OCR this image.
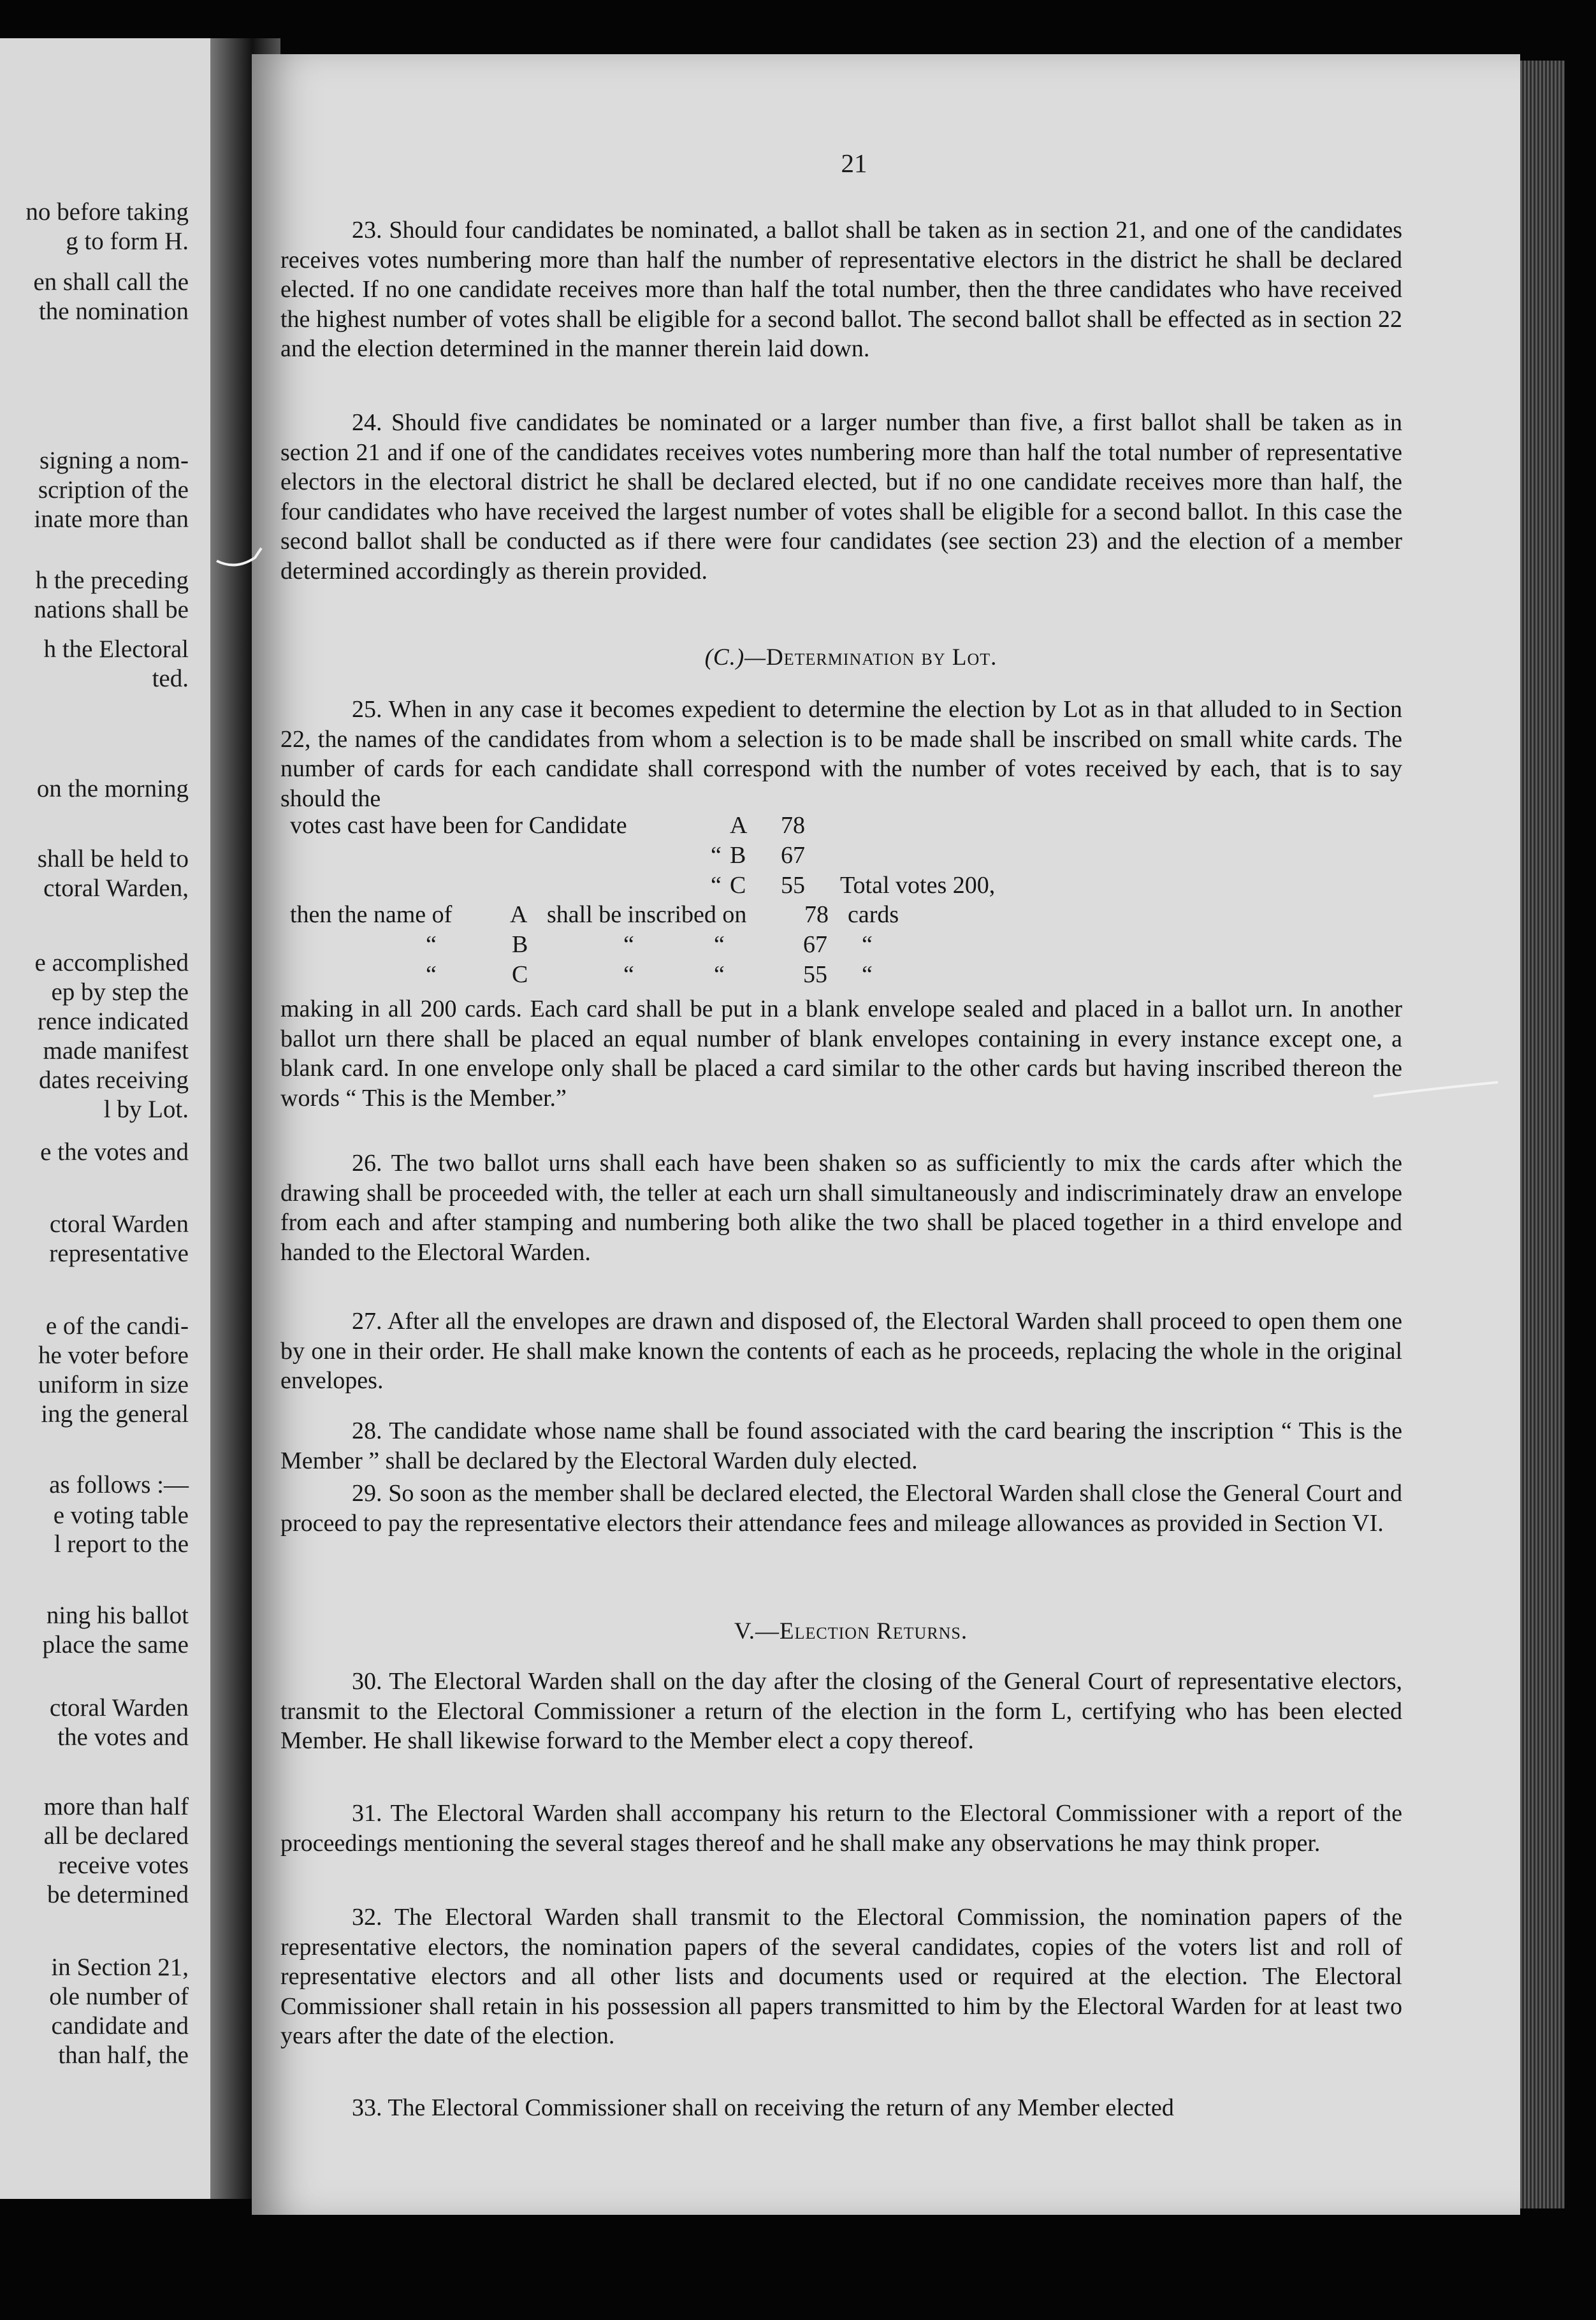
no before taking
g to form H.
en shall call the
the nomination
signing a nom-
scription of the
inate more than
h the preceding
nations shall be
h the Electoral
ted.
on the morning
shall be held to
ctoral Warden,
e accomplished
ep by step the
rence indicated
made manifest
dates receiving
l by Lot.
e the votes and
ctoral Warden
representative
e of the candi-
he voter before
uniform in size
ing the general
as follows :—
e voting table
l report to the
ning his ballot
place the same
ctoral Warden
the votes and
more than half
all be declared
receive votes
be determined
in Section 21,
ole number of
candidate and
than half, the
21

23. Should four candidates be nominated, a ballot shall be taken as in section 21, and one of the candidates receives votes numbering more than half the number of representative electors in the district he shall be declared elected. If no one candidate receives more than half the total number, then the three candidates who have received the highest number of votes shall be eligible for a second ballot. The second ballot shall be effected as in section 22 and the election determined in the manner therein laid down.

24. Should five candidates be nominated or a larger number than five, a first ballot shall be taken as in section 21 and if one of the candidates receives votes numbering more than half the total number of representative electors in the electoral district he shall be declared elected, but if no one candidate receives more than half, the four candidates who have received the largest number of votes shall be eligible for a second ballot. In this case the second ballot shall be conducted as if there were four candidates (see section 23) and the election of a member determined accordingly as therein provided.

(C.)—Determination by Lot.

25. When in any case it becomes expedient to determine the election by Lot as in that alluded to in Section 22, the names of the candidates from whom a selection is to be made shall be inscribed on small white cards. The number of cards for each candidate shall correspond with the number of votes received by each, that is to say should the

votes cast have been for Candidate	A 78
“ B 67
“ C 55 Total votes 200,
then the name of A shall be inscribed on 78 cards
“	B	“	“	67 “
“	C	“	“	55 “

making in all 200 cards. Each card shall be put in a blank envelope sealed and placed in a ballot urn. In another ballot urn there shall be placed an equal number of blank envelopes containing in every instance except one, a blank card. In one envelope only shall be placed a card similar to the other cards but having inscribed thereon the words “ This is the Member.”

26. The two ballot urns shall each have been shaken so as sufficiently to mix the cards after which the drawing shall be proceeded with, the teller at each urn shall simultaneously and indiscriminately draw an envelope from each and after stamping and numbering both alike the two shall be placed together in a third envelope and handed to the Electoral Warden.

27. After all the envelopes are drawn and disposed of, the Electoral Warden shall proceed to open them one by one in their order. He shall make known the contents of each as he proceeds, replacing the whole in the original envelopes.

28. The candidate whose name shall be found associated with the card bearing the inscription “ This is the Member ” shall be declared by the Electoral Warden duly elected.

29. So soon as the member shall be declared elected, the Electoral Warden shall close the General Court and proceed to pay the representative electors their attendance fees and mileage allowances as provided in Section VI.

V.—Election Returns.

30. The Electoral Warden shall on the day after the closing of the General Court of representative electors, transmit to the Electoral Commissioner a return of the election in the form L, certifying who has been elected Member. He shall likewise forward to the Member elect a copy thereof.

31. The Electoral Warden shall accompany his return to the Electoral Commissioner with a report of the proceedings mentioning the several stages thereof and he shall make any observations he may think proper.

32. The Electoral Warden shall transmit to the Electoral Commission, the nomination papers of the representative electors, the nomination papers of the several candidates, copies of the voters list and roll of representative electors and all other lists and documents used or required at the election. The Electoral Commissioner shall retain in his possession all papers transmitted to him by the Electoral Warden for at least two years after the date of the election.

33. The Electoral Commissioner shall on receiving the return of any Member elected
